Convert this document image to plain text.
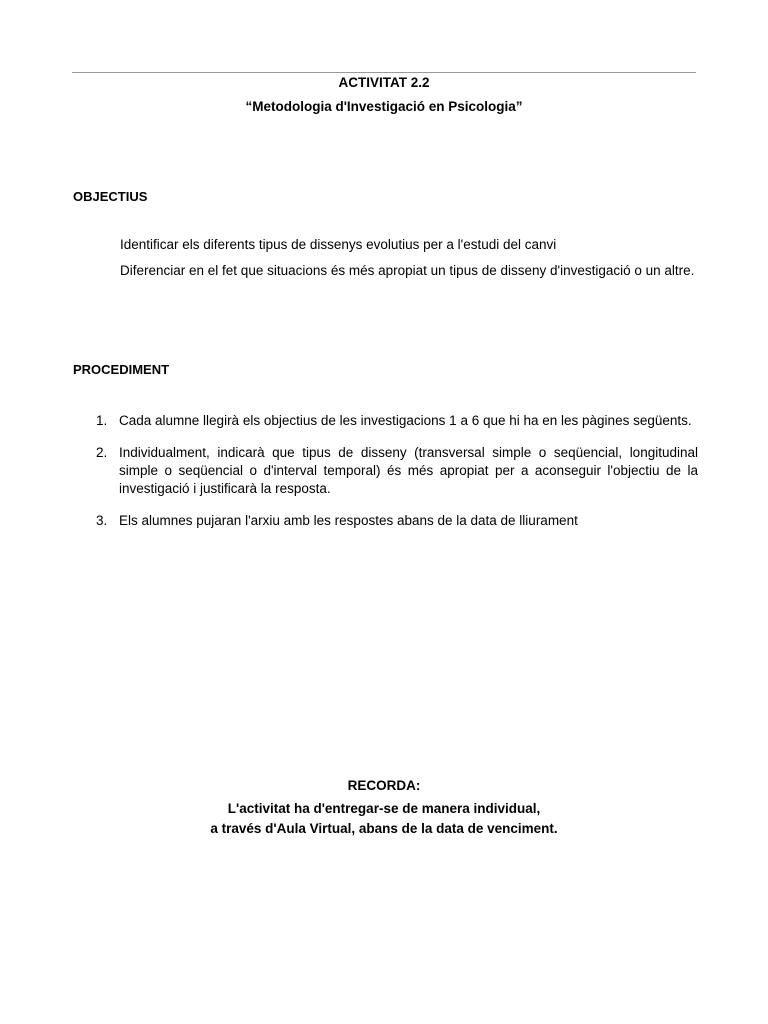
ACTIVITAT 2.2
“Metodologia d'Investigació en Psicologia”
OBJECTIUS
Identificar els diferents tipus de dissenys evolutius per a l'estudi del canvi
Diferenciar en el fet que situacions és més apropiat un tipus de disseny d'investigació o un altre.
PROCEDIMENT
1. Cada alumne llegirà els objectius de les investigacions 1 a 6 que hi ha en les pàgines següents.
2. Individualment, indicarà que tipus de disseny (transversal simple o seqüencial, longitudinal simple o seqüencial o d'interval temporal) és més apropiat per a aconseguir l'objectiu de la investigació i justificarà la resposta.
3. Els alumnes pujaran l'arxiu amb les respostes abans de la data de lliurament
RECORDA:
L'activitat ha d'entregar-se de manera individual,
a través d'Aula Virtual, abans de la data de venciment.
